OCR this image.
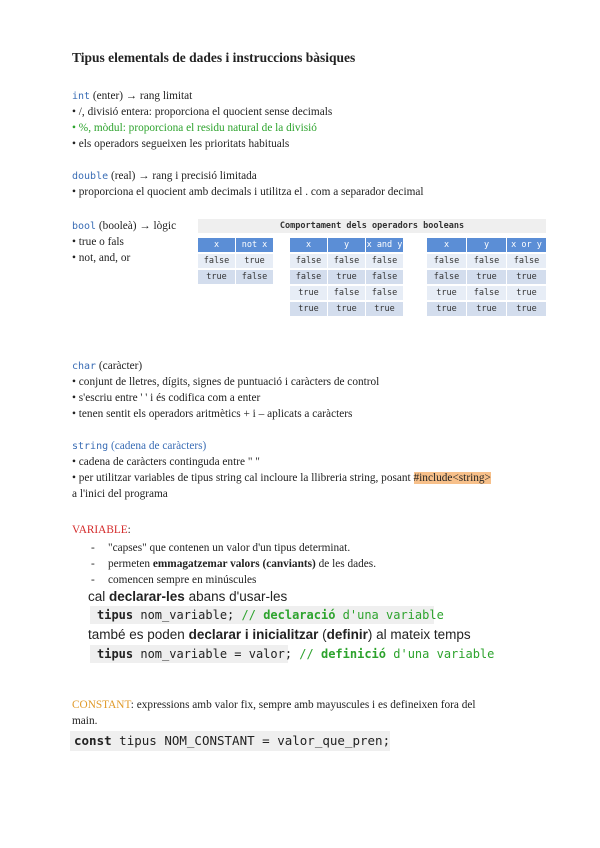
Tipus elementals de dades i instruccions bàsiques
int (enter) → rang limitat
• /, divisió entera: proporciona el quocient sense decimals
• %, mòdul: proporciona el residu natural de la divisió
• els operadors segueixen les prioritats habituals
double (real) → rang i precisió limitada
• proporciona el quocient amb decimals i utilitza el . com a separador decimal
bool (booleà) → lògic
• true o fals
• not, and, or
Comportament dels operadors booleans
x	not x
false	true
true	false
x	y	x and y
false	false	false
false	true	false
true	false	false
true	true	true
x	y	x or y
false	false	false
false	true	true
true	false	true
true	true	true
char (caràcter)
• conjunt de lletres, dígits, signes de puntuació i caràcters de control
• s'escriu entre ' ' i és codifica com a enter
• tenen sentit els operadors aritmètics + i – aplicats a caràcters
string (cadena de caràcters)
• cadena de caràcters continguda entre " "
• per utilitzar variables de tipus string cal incloure la llibreria string, posant #include<string>
a l'inici del programa
VARIABLE:
- "capses" que contenen un valor d'un tipus determinat.
- permeten emmagatzemar valors (canviants) de les dades.
- comencen sempre en minúscules
cal declarar-les abans d'usar-les
tipus nom_variable; // declaració d'una variable
també es poden declarar i inicialitzar (definir) al mateix temps
tipus nom_variable = valor; // definició d'una variable
CONSTANT: expressions amb valor fix, sempre amb mayuscules i es defineixen fora del
main.
const tipus NOM_CONSTANT = valor_que_pren;
